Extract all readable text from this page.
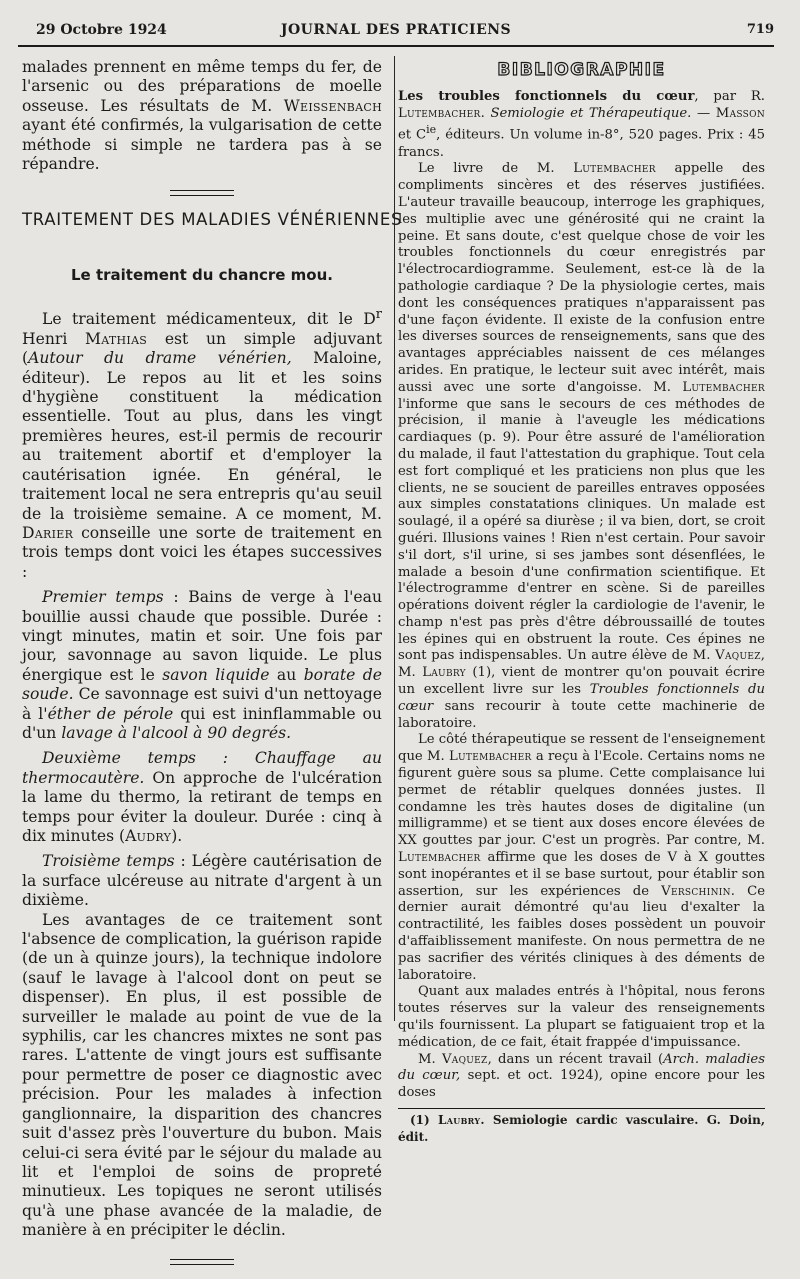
29 Octobre 1924	JOURNAL DES PRATICIENS	719

malades prennent en même temps du fer, de l'arsenic ou des préparations de moelle osseuse. Les résultats de M. Weissenbach ayant été confirmés, la vulgarisation de cette méthode si simple ne tardera pas à se répandre.

TRAITEMENT DES MALADIES VÉNÉRIENNES
Le traitement du chancre mou.

Le traitement médicamenteux, dit le $D^r$ Henri Mathias est un simple adjuvant (Autour du drame vénérien, Maloine, éditeur). Le repos au lit et les soins d'hygiène constituent la médication essentielle. Tout au plus, dans les vingt premières heures, est-il permis de recourir au traitement abortif et d'employer la cautérisation ignée. En général, le traitement local ne sera entrepris qu'au seuil de la troisième semaine. A ce moment, M. Darier conseille une sorte de traitement en trois temps dont voici les étapes successives :

Premier temps : Bains de verge à l'eau bouillie aussi chaude que possible. Durée : vingt minutes, matin et soir. Une fois par jour, savonnage au savon liquide. Le plus énergique est le savon liquide au borate de soude. Ce savonnage est suivi d'un nettoyage à l'éther de pérole qui est ininflammable ou d'un lavage à l'alcool à 90 degrés.

Deuxième temps : Chauffage au thermocautère. On approche de l'ulcération la lame du thermo, la retirant de temps en temps pour éviter la douleur. Durée : cinq à dix minutes (Audry).

Troisième temps : Légère cautérisation de la surface ulcéreuse au nitrate d'argent à un dixième.

Les avantages de ce traitement sont l'absence de complication, la guérison rapide (de un à quinze jours), la technique indolore (sauf le lavage à l'alcool dont on peut se dispenser). En plus, il est possible de surveiller le malade au point de vue de la syphilis, car les chancres mixtes ne sont pas rares. L'attente de vingt jours est suffisante pour permettre de poser ce diagnostic avec précision. Pour les malades à infection ganglionnaire, la disparition des chancres suit d'assez près l'ouverture du bubon. Mais celui-ci sera évité par le séjour du malade au lit et l'emploi de soins de propreté minutieux. Les topiques ne seront utilisés qu'à une phase avancée de la maladie, de manière à en précipiter le déclin.

BIBLIOGRAPHIE

Les troubles fonctionnels du cœur, par R. Lutembacher. Semiologie et Thérapeutique. — Masson et $C^{ie}$, éditeurs. Un volume in-8°, 520 pages. Prix : 45 francs.

Le livre de M. Lutembacher appelle des compliments sincères et des réserves justifiées. L'auteur travaille beaucoup, interroge les graphiques, les multiplie avec une générosité qui ne craint la peine. Et sans doute, c'est quelque chose de voir les troubles fonctionnels du cœur enregistrés par l'électrocardiogramme. Seulement, est-ce là de la pathologie cardiaque ? De la physiologie certes, mais dont les conséquences pratiques n'apparaissent pas d'une façon évidente. Il existe de la confusion entre les diverses sources de renseignements, sans que des avantages appréciables naissent de ces mélanges arides. En pratique, le lecteur suit avec intérêt, mais aussi avec une sorte d'angoisse. M. Lutembacher l'informe que sans le secours de ces méthodes de précision, il manie à l'aveugle les médications cardiaques (p. 9). Pour être assuré de l'amélioration du malade, il faut l'attestation du graphique. Tout cela est fort compliqué et les praticiens non plus que les clients, ne se soucient de pareilles entraves opposées aux simples constatations cliniques. Un malade est soulagé, il a opéré sa diurèse ; il va bien, dort, se croit guéri. Illusions vaines ! Rien n'est certain. Pour savoir s'il dort, s'il urine, si ses jambes sont désenflées, le malade a besoin d'une confirmation scientifique. Et l'électrogramme d'entrer en scène. Si de pareilles opérations doivent régler la cardiologie de l'avenir, le champ n'est pas près d'être débroussaillé de toutes les épines qui en obstruent la route. Ces épines ne sont pas indispensables. Un autre élève de M. Vaquez, M. Laubry (1), vient de montrer qu'on pouvait écrire un excellent livre sur les Troubles fonctionnels du cœur sans recourir à toute cette machinerie de laboratoire.

Le côté thérapeutique se ressent de l'enseignement que M. Lutembacher a reçu à l'Ecole. Certains noms ne figurent guère sous sa plume. Cette complaisance lui permet de rétablir quelques données justes. Il condamne les très hautes doses de digitaline (un milligramme) et se tient aux doses encore élevées de XX gouttes par jour. C'est un progrès. Par contre, M. Lutembacher affirme que les doses de V à X gouttes sont inopérantes et il se base surtout, pour établir son assertion, sur les expériences de Verschinin. Ce dernier aurait démontré qu'au lieu d'exalter la contractilité, les faibles doses possèdent un pouvoir d'affaiblissement manifeste. On nous permettra de ne pas sacrifier des vérités cliniques à des déments de laboratoire.

Quant aux malades entrés à l'hôpital, nous ferons toutes réserves sur la valeur des renseignements qu'ils fournissent. La plupart se fatiguaient trop et la médication, de ce fait, était frappée d'impuissance.

M. Vaquez, dans un récent travail (Arch. maladies du cœur, sept. et oct. 1924), opine encore pour les doses

(1) Laubry. Semiologie cardic vasculaire. G. Doin, édit.
